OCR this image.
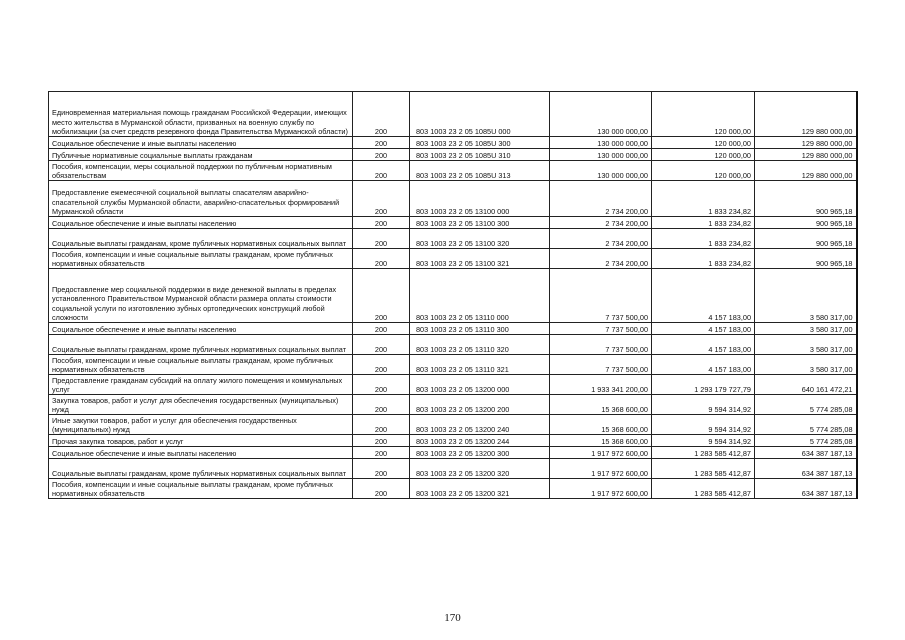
Единовременная материальная помощь гражданам Российской Федерации, имеющих место жительства в Мурманской области, призванных на военную службу по мобилизации (за счет средств резервного фонда Правительства Мурманской области)	200	803 1003 23 2 05 1085U 000	130 000 000,00	120 000,00	129 880 000,00
Социальное обеспечение и иные выплаты населению	200	803 1003 23 2 05 1085U 300	130 000 000,00	120 000,00	129 880 000,00
Публичные нормативные социальные выплаты гражданам	200	803 1003 23 2 05 1085U 310	130 000 000,00	120 000,00	129 880 000,00
Пособия, компенсации, меры социальной поддержки по публичным нормативным обязательствам	200	803 1003 23 2 05 1085U 313	130 000 000,00	120 000,00	129 880 000,00
Предоставление ежемесячной социальной выплаты спасателям аварийно-спасательной службы Мурманской области, аварийно-спасательных формирований Мурманской области	200	803 1003 23 2 05 13100 000	2 734 200,00	1 833 234,82	900 965,18
Социальное обеспечение и иные выплаты населению	200	803 1003 23 2 05 13100 300	2 734 200,00	1 833 234,82	900 965,18
Социальные выплаты гражданам, кроме публичных нормативных социальных выплат	200	803 1003 23 2 05 13100 320	2 734 200,00	1 833 234,82	900 965,18
Пособия, компенсации и иные социальные выплаты гражданам, кроме публичных нормативных обязательств	200	803 1003 23 2 05 13100 321	2 734 200,00	1 833 234,82	900 965,18
Предоставление мер социальной поддержки в виде денежной выплаты в пределах установленного Правительством Мурманской области размера оплаты стоимости социальной услуги по изготовлению зубных ортопедических конструкций любой сложности	200	803 1003 23 2 05 13110 000	7 737 500,00	4 157 183,00	3 580 317,00
Социальное обеспечение и иные выплаты населению	200	803 1003 23 2 05 13110 300	7 737 500,00	4 157 183,00	3 580 317,00
Социальные выплаты гражданам, кроме публичных нормативных социальных выплат	200	803 1003 23 2 05 13110 320	7 737 500,00	4 157 183,00	3 580 317,00
Пособия, компенсации и иные социальные выплаты гражданам, кроме публичных нормативных обязательств	200	803 1003 23 2 05 13110 321	7 737 500,00	4 157 183,00	3 580 317,00
Предоставление гражданам субсидий на оплату жилого помещения и коммунальных услуг	200	803 1003 23 2 05 13200 000	1 933 341 200,00	1 293 179 727,79	640 161 472,21
Закупка товаров, работ и услуг для обеспечения государственных (муниципальных) нужд	200	803 1003 23 2 05 13200 200	15 368 600,00	9 594 314,92	5 774 285,08
Иные закупки товаров, работ и услуг для обеспечения государственных (муниципальных) нужд	200	803 1003 23 2 05 13200 240	15 368 600,00	9 594 314,92	5 774 285,08
Прочая закупка товаров, работ и услуг	200	803 1003 23 2 05 13200 244	15 368 600,00	9 594 314,92	5 774 285,08
Социальное обеспечение и иные выплаты населению	200	803 1003 23 2 05 13200 300	1 917 972 600,00	1 283 585 412,87	634 387 187,13
Социальные выплаты гражданам, кроме публичных нормативных социальных выплат	200	803 1003 23 2 05 13200 320	1 917 972 600,00	1 283 585 412,87	634 387 187,13
Пособия, компенсации и иные социальные выплаты гражданам, кроме публичных нормативных обязательств	200	803 1003 23 2 05 13200 321	1 917 972 600,00	1 283 585 412,87	634 387 187,13
170
